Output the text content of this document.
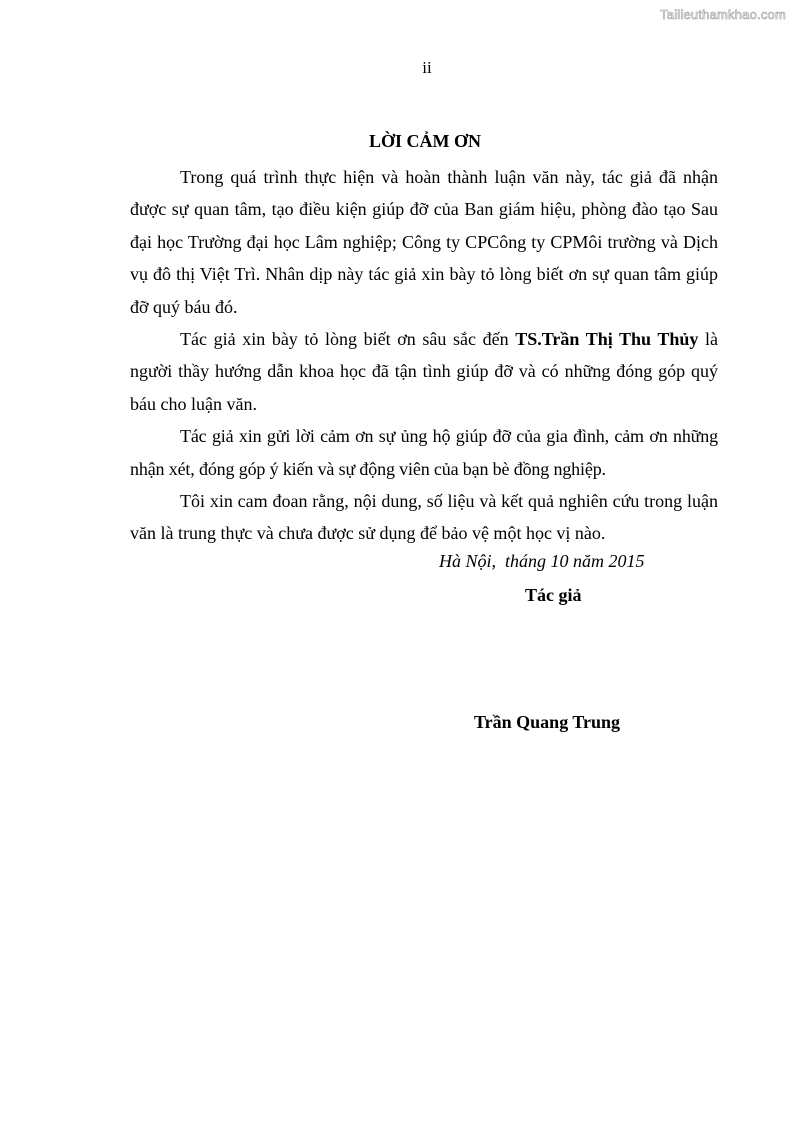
Tailieuthamkhao.com
ii
LỜI CẢM ƠN

Trong quá trình thực hiện và hoàn thành luận văn này, tác giả đã nhận được sự quan tâm, tạo điều kiện giúp đỡ của Ban giám hiệu, phòng đào tạo Sau đại học Trường đại học Lâm nghiệp; Công ty CPCông ty CPMôi trường và Dịch vụ đô thị Việt Trì. Nhân dịp này tác giả xin bày tỏ lòng biết ơn sự quan tâm giúp đỡ quý báu đó.

Tác giả xin bày tỏ lòng biết ơn sâu sắc đến TS.Trần Thị Thu Thủy là người thầy hướng dẫn khoa học đã tận tình giúp đỡ và có những đóng góp quý báu cho luận văn.

Tác giả xin gửi lời cảm ơn sự ủng hộ giúp đỡ của gia đình, cảm ơn những nhận xét, đóng góp ý kiến và sự động viên của bạn bè đồng nghiệp.

Tôi xin cam đoan rằng, nội dung, số liệu và kết quả nghiên cứu trong luận văn là trung thực và chưa được sử dụng để bảo vệ một học vị nào.

Hà Nội,  tháng 10 năm 2015
Tác giả
Trần Quang Trung
